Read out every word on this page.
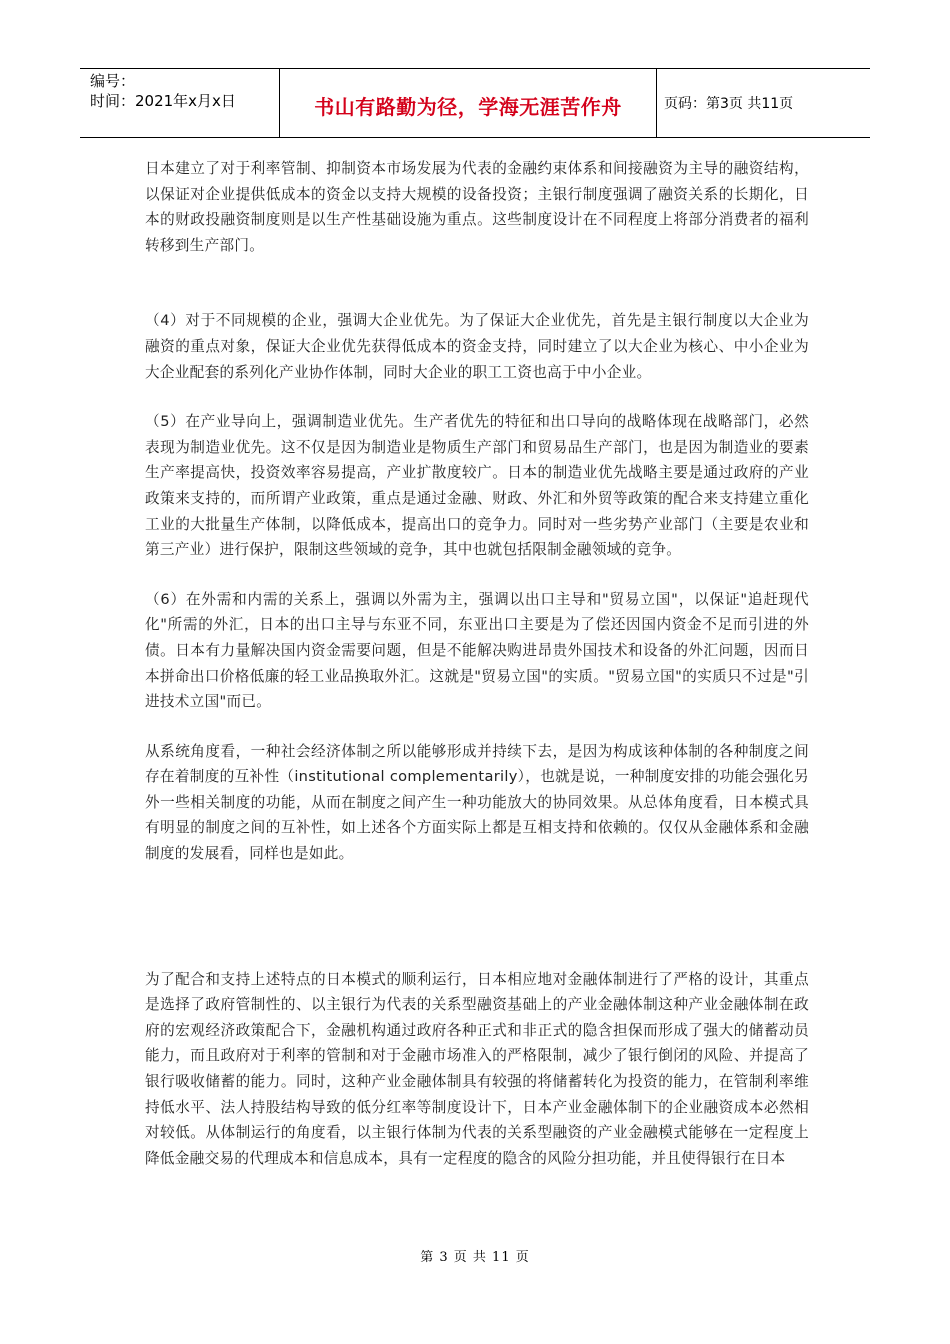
编号：
时间：2021年x月x日	书山有路勤为径，学海无涯苦作舟	页码：第3页 共11页

日本建立了对于利率管制、抑制资本市场发展为代表的金融约束体系和间接融资为主导的融资结构，以保证对企业提供低成本的资金以支持大规模的设备投资；主银行制度强调了融资关系的长期化，日本的财政投融资制度则是以生产性基础设施为重点。这些制度设计在不同程度上将部分消费者的福利转移到生产部门。

（4）对于不同规模的企业，强调大企业优先。为了保证大企业优先，首先是主银行制度以大企业为融资的重点对象，保证大企业优先获得低成本的资金支持，同时建立了以大企业为核心、中小企业为大企业配套的系列化产业协作体制，同时大企业的职工工资也高于中小企业。

（5）在产业导向上，强调制造业优先。生产者优先的特征和出口导向的战略体现在战略部门，必然表现为制造业优先。这不仅是因为制造业是物质生产部门和贸易品生产部门，也是因为制造业的要素生产率提高快，投资效率容易提高，产业扩散度较广。日本的制造业优先战略主要是通过政府的产业政策来支持的，而所谓产业政策，重点是通过金融、财政、外汇和外贸等政策的配合来支持建立重化工业的大批量生产体制，以降低成本，提高出口的竞争力。同时对一些劣势产业部门（主要是农业和第三产业）进行保护，限制这些领域的竞争，其中也就包括限制金融领域的竞争。

（6）在外需和内需的关系上，强调以外需为主，强调以出口主导和"贸易立国"，以保证"追赶现代化"所需的外汇，日本的出口主导与东亚不同，东亚出口主要是为了偿还因国内资金不足而引进的外债。日本有力量解决国内资金需要问题，但是不能解决购进昂贵外国技术和设备的外汇问题，因而日本拼命出口价格低廉的轻工业品换取外汇。这就是"贸易立国"的实质。"贸易立国"的实质只不过是"引进技术立国"而已。

从系统角度看，一种社会经济体制之所以能够形成并持续下去，是因为构成该种体制的各种制度之间存在着制度的互补性（institutional complementarily），也就是说，一种制度安排的功能会强化另外一些相关制度的功能，从而在制度之间产生一种功能放大的协同效果。从总体角度看，日本模式具有明显的制度之间的互补性，如上述各个方面实际上都是互相支持和依赖的。仅仅从金融体系和金融制度的发展看，同样也是如此。

为了配合和支持上述特点的日本模式的顺利运行，日本相应地对金融体制进行了严格的设计，其重点是选择了政府管制性的、以主银行为代表的关系型融资基础上的产业金融体制这种产业金融体制在政府的宏观经济政策配合下，金融机构通过政府各种正式和非正式的隐含担保而形成了强大的储蓄动员能力，而且政府对于利率的管制和对于金融市场准入的严格限制，减少了银行倒闭的风险、并提高了银行吸收储蓄的能力。同时，这种产业金融体制具有较强的将储蓄转化为投资的能力，在管制利率维持低水平、法人持股结构导致的低分红率等制度设计下，日本产业金融体制下的企业融资成本必然相对较低。从体制运行的角度看，以主银行体制为代表的关系型融资的产业金融模式能够在一定程度上降低金融交易的代理成本和信息成本，具有一定程度的隐含的风险分担功能，并且使得银行在日本

第 3 页 共 11 页
